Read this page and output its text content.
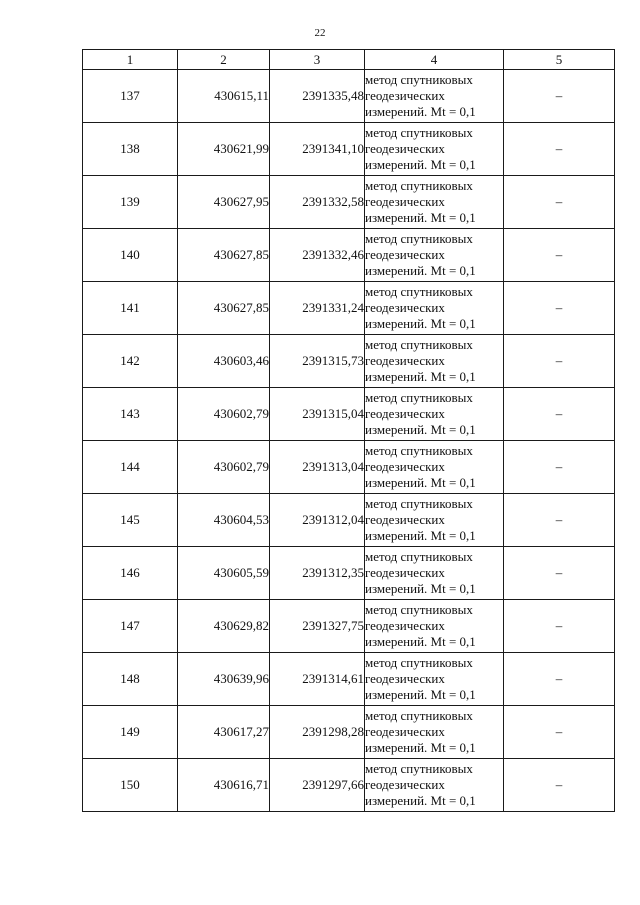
22
1	2	3	4	5
137	430615,11	2391335,48	метод спутниковых
геодезических
измерений. Mt = 0,1	–
138	430621,99	2391341,10	метод спутниковых
геодезических
измерений. Mt = 0,1	–
139	430627,95	2391332,58	метод спутниковых
геодезических
измерений. Mt = 0,1	–
140	430627,85	2391332,46	метод спутниковых
геодезических
измерений. Mt = 0,1	–
141	430627,85	2391331,24	метод спутниковых
геодезических
измерений. Mt = 0,1	–
142	430603,46	2391315,73	метод спутниковых
геодезических
измерений. Mt = 0,1	–
143	430602,79	2391315,04	метод спутниковых
геодезических
измерений. Mt = 0,1	–
144	430602,79	2391313,04	метод спутниковых
геодезических
измерений. Mt = 0,1	–
145	430604,53	2391312,04	метод спутниковых
геодезических
измерений. Mt = 0,1	–
146	430605,59	2391312,35	метод спутниковых
геодезических
измерений. Mt = 0,1	–
147	430629,82	2391327,75	метод спутниковых
геодезических
измерений. Mt = 0,1	–
148	430639,96	2391314,61	метод спутниковых
геодезических
измерений. Mt = 0,1	–
149	430617,27	2391298,28	метод спутниковых
геодезических
измерений. Mt = 0,1	–
150	430616,71	2391297,66	метод спутниковых
геодезических
измерений. Mt = 0,1	–
